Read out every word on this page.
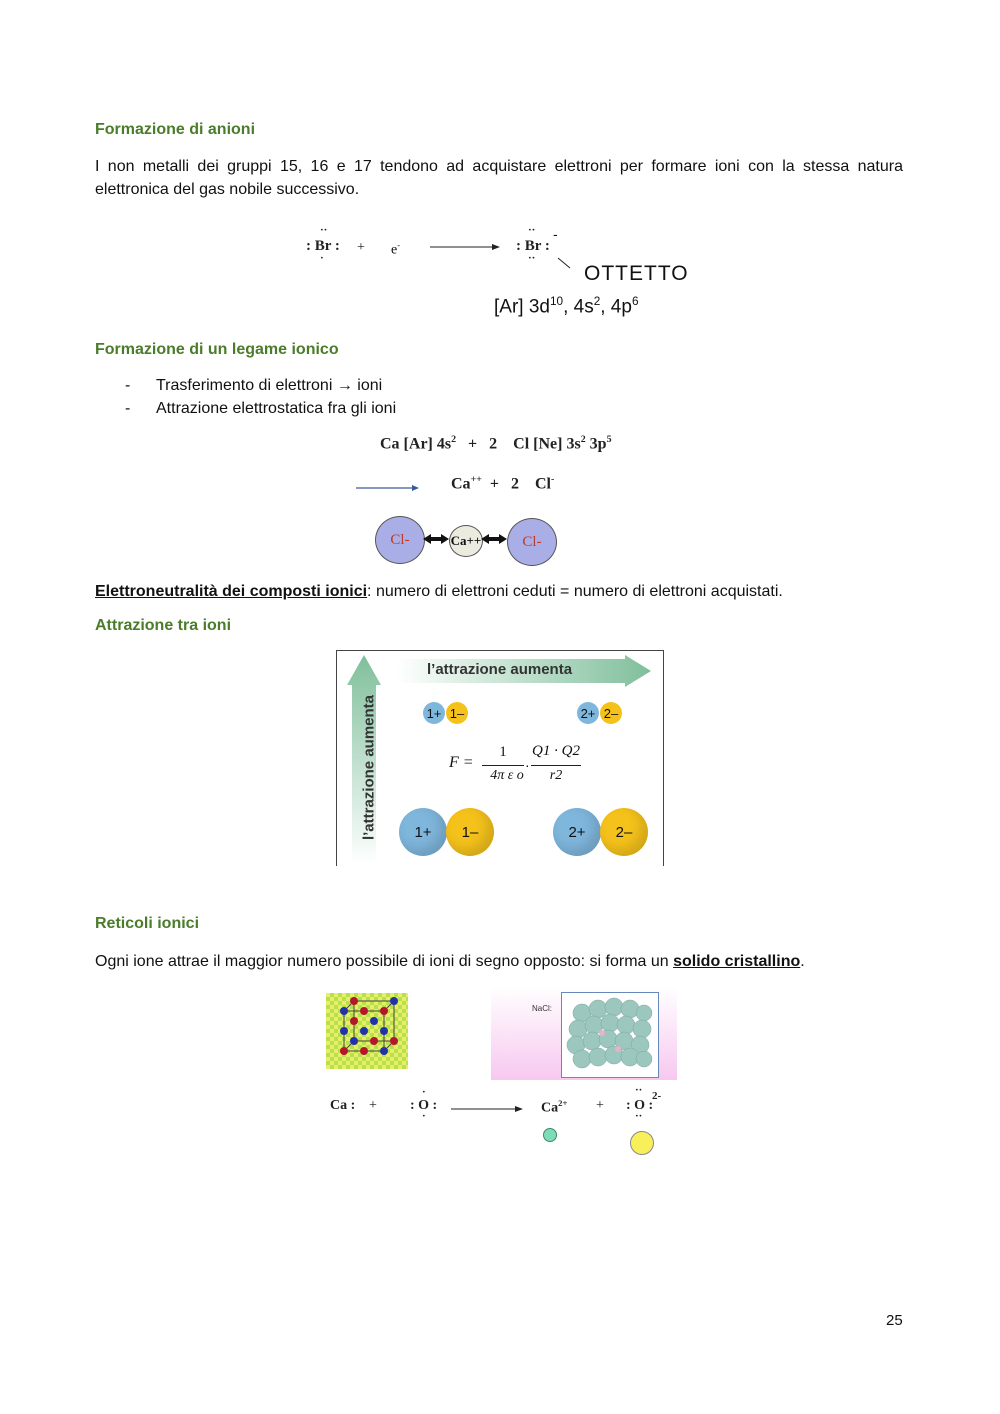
Formazione di anioni
I non metalli dei gruppi 15, 16 e 17 tendono ad acquistare elettroni per formare ioni con la stessa natura elettronica del gas nobile successivo.
: Br :
··
·
+ e-	: Br :
··
··
-
OTTETTO
[Ar] $3d^{10}$, $4s^2$, $4p^6$
Formazione di un legame ionico
- Trasferimento di elettroni → ioni
- Attrazione elettrostatica fra gli ioni
Ca [Ar] $4s^2 + 2$    Cl [Ne] $3s^2$ $3p^5$
Ca++  +   2    Cl-
Cl-	Ca++	Cl-
Elettroneutralità dei composti ionici: numero di elettroni ceduti = numero di elettroni acquistati.
Attrazione tra ioni
l’attrazione aumenta
l’attrazione aumenta	1+ 1–	2+ 2–
F =
1
4π ε o
·
Q1 · Q2
r2
1+	1–	2+	2–
Reticoli ionici
Ogni ione attrae il maggior numero possibile di ioni di segno opposto: si forma un solido cristallino.
NaCl:
Ca : + : O :
·
·
$Ca^{2+}$ + : O :
··
··
2-
25
